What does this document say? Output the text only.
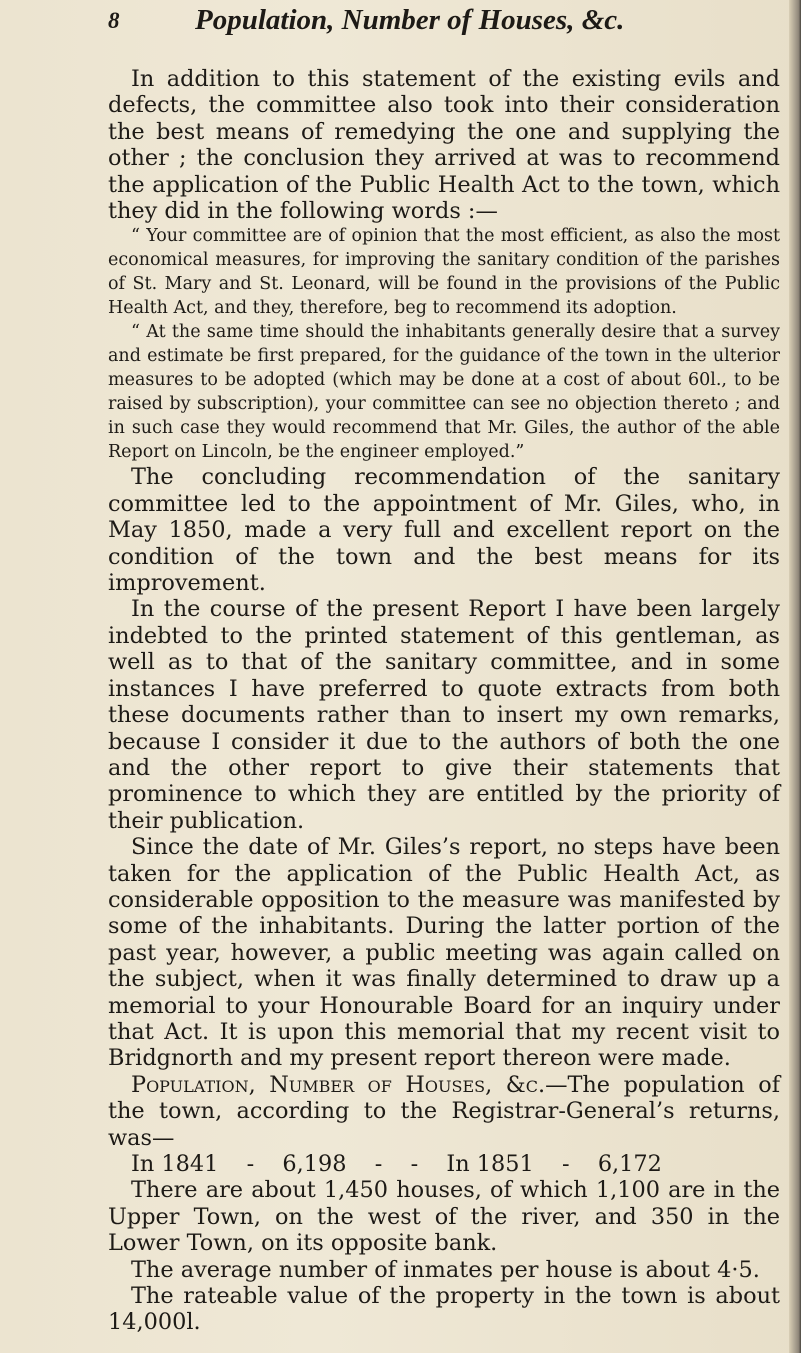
8	Population, Number of Houses, &c.

In addition to this statement of the existing evils and defects, the committee also took into their consideration the best means of remedying the one and supplying the other ; the conclusion they arrived at was to recommend the application of the Public Health Act to the town, which they did in the following words :—

“ Your committee are of opinion that the most efficient, as also the most economical measures, for improving the sanitary condition of the parishes of St. Mary and St. Leonard, will be found in the provisions of the Public Health Act, and they, therefore, beg to recommend its adoption.

“ At the same time should the inhabitants generally desire that a survey and estimate be first prepared, for the guidance of the town in the ulterior measures to be adopted (which may be done at a cost of about 60l., to be raised by subscription), your committee can see no objection thereto ; and in such case they would recommend that Mr. Giles, the author of the able Report on Lincoln, be the engineer employed.”

The concluding recommendation of the sanitary committee led to the appointment of Mr. Giles, who, in May 1850, made a very full and excellent report on the condition of the town and the best means for its improvement.

In the course of the present Report I have been largely indebted to the printed statement of this gentleman, as well as to that of the sanitary committee, and in some instances I have preferred to quote extracts from both these documents rather than to insert my own remarks, because I consider it due to the authors of both the one and the other report to give their statements that prominence to which they are entitled by the priority of their publication.

Since the date of Mr. Giles’s report, no steps have been taken for the application of the Public Health Act, as considerable opposition to the measure was manifested by some of the inhabitants. During the latter portion of the past year, however, a public meeting was again called on the subject, when it was finally determined to draw up a memorial to your Honourable Board for an inquiry under that Act. It is upon this memorial that my recent visit to Bridgnorth and my present report thereon were made.

Population, Number of Houses, &c.—The population of the town, according to the Registrar-General’s returns, was—

In 1841 - 6,198 - - In 1851 - 6,172

There are about 1,450 houses, of which 1,100 are in the Upper Town, on the west of the river, and 350 in the Lower Town, on its opposite bank.

The average number of inmates per house is about 4·5.

The rateable value of the property in the town is about 14,000l.
